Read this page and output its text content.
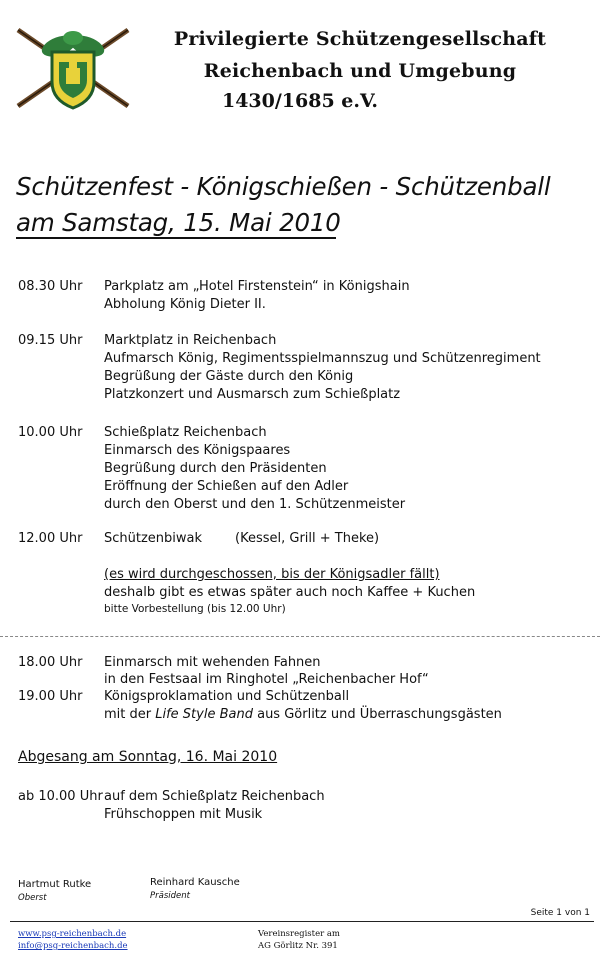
Privilegierte Schützengesellschaft
Reichenbach und Umgebung
1430/1685 e.V.
Schützenfest - Königschießen - Schützenball
am Samstag, 15. Mai 2010
08.30 Uhr Parkplatz am „Hotel Firstenstein“ in Königshain
Abholung König Dieter II.
09.15 Uhr Marktplatz in Reichenbach
Aufmarsch König, Regimentsspielmannszug und Schützenregiment
Begrüßung der Gäste durch den König
Platzkonzert und Ausmarsch zum Schießplatz
10.00 Uhr Schießplatz Reichenbach
Einmarsch des Königspaares
Begrüßung durch den Präsidenten
Eröffnung der Schießen auf den Adler
durch den Oberst und den 1. Schützenmeister
12.00 Uhr Schützenbiwak	(Kessel, Grill + Theke)
(es wird durchgeschossen, bis der Königsadler fällt)
deshalb gibt es etwas später auch noch Kaffee + Kuchen
bitte Vorbestellung (bis 12.00 Uhr)
18.00 Uhr Einmarsch mit wehenden Fahnen
in den Festsaal im Ringhotel „Reichenbacher Hof“
19.00 Uhr Königsproklamation und Schützenball
mit der Life Style Band aus Görlitz und Überraschungsgästen
Abgesang am Sonntag, 16. Mai 2010
ab 10.00 Uhr auf dem Schießplatz Reichenbach
Frühschoppen mit Musik
Hartmut Rutke
Oberst
Reinhard Kausche
Präsident
Seite 1 von 1
www.psg-reichenbach.de
info@psg-reichenbach.de
Vereinsregister am
AG Görlitz Nr. 391
